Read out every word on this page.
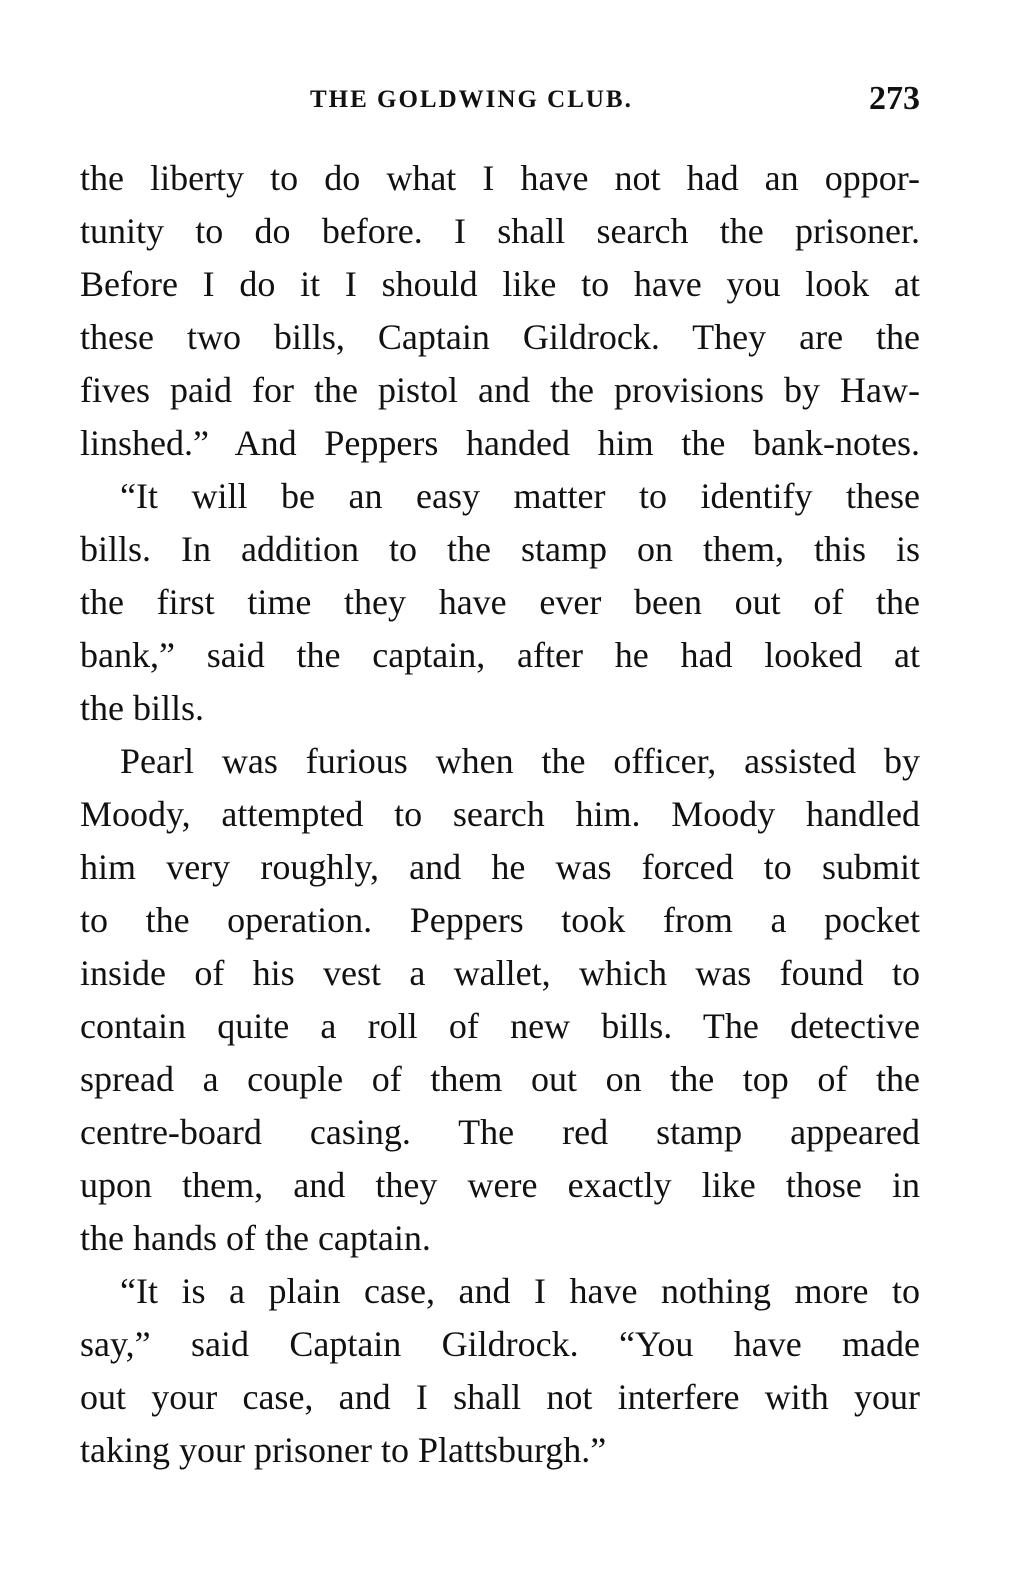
THE GOLDWING CLUB.	273
the liberty to do what I have not had an oppor-
tunity to do before. I shall search the prisoner.
Before I do it I should like to have you look at
these two bills, Captain Gildrock. They are the
fives paid for the pistol and the provisions by Haw-
linshed.” And Peppers handed him the bank-notes.
“It will be an easy matter to identify these
bills. In addition to the stamp on them, this is
the first time they have ever been out of the
bank,” said the captain, after he had looked at
the bills.
Pearl was furious when the officer, assisted by
Moody, attempted to search him. Moody handled
him very roughly, and he was forced to submit
to the operation. Peppers took from a pocket
inside of his vest a wallet, which was found to
contain quite a roll of new bills. The detective
spread a couple of them out on the top of the
centre-board casing. The red stamp appeared
upon them, and they were exactly like those in
the hands of the captain.
“It is a plain case, and I have nothing more to
say,” said Captain Gildrock. “You have made
out your case, and I shall not interfere with your
taking your prisoner to Plattsburgh.”
